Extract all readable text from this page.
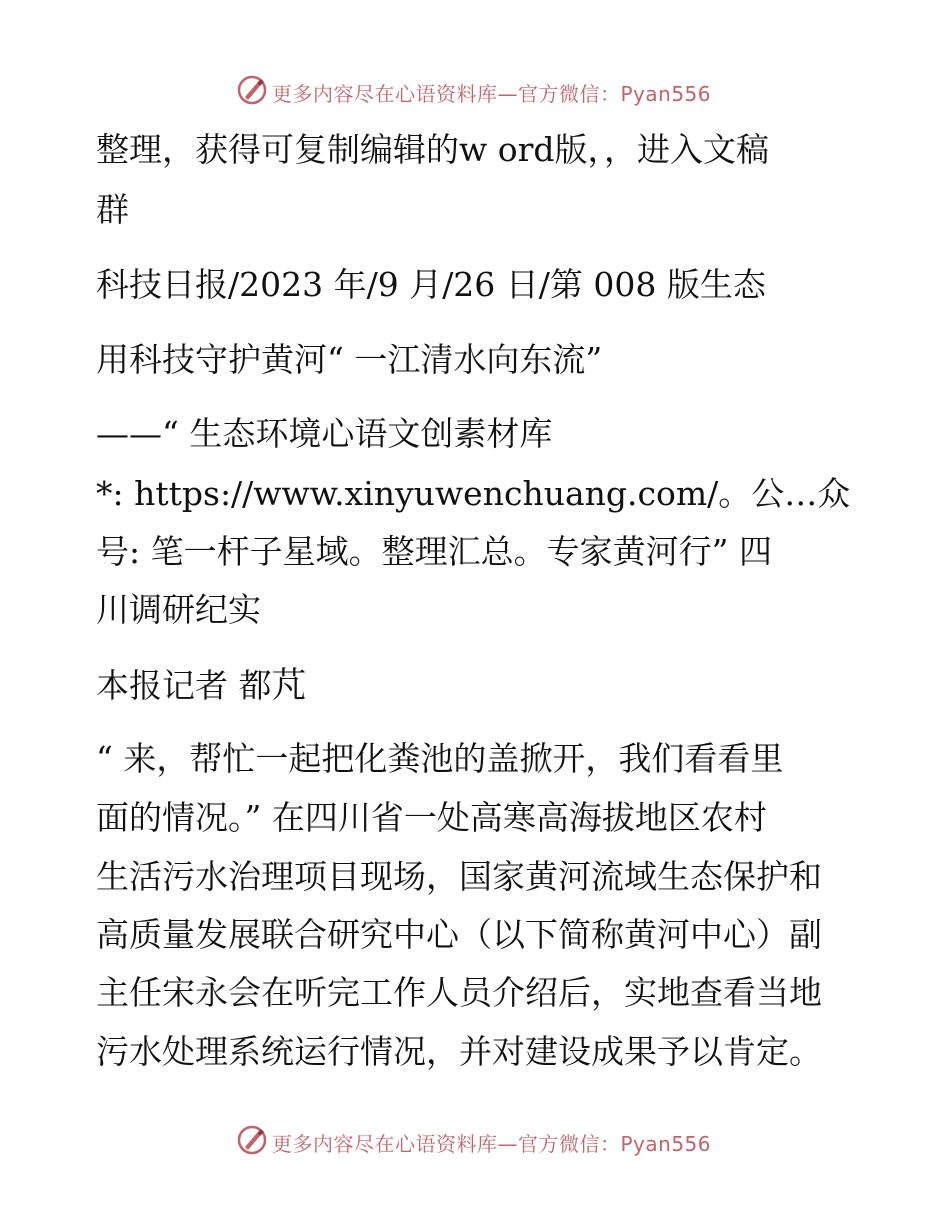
更多内容尽在心语资料库—官方微信：Pyan556
整理，获得可复制编辑的w ord版，，进入文稿
群
科技日报/2023 年/9 月/26 日/第 008 版生态
用科技守护黄河“ 一江清水向东流”
——“ 生态环境心语文创素材库
*: https://www.xinyuwenchuang.com/。公…众
号: 笔一杆子星域。整理汇总。专家黄河行” 四
川调研纪实
本报记者 都芃
“ 来，帮忙一起把化粪池的盖掀开，我们看看里
面的情况。” 在四川省一处高寒高海拔地区农村
生活污水治理项目现场，国家黄河流域生态保护和
高质量发展联合研究中心（以下简称黄河中心）副
主任宋永会在听完工作人员介绍后，实地查看当地
污水处理系统运行情况，并对建设成果予以肯定。
更多内容尽在心语资料库—官方微信：Pyan556
